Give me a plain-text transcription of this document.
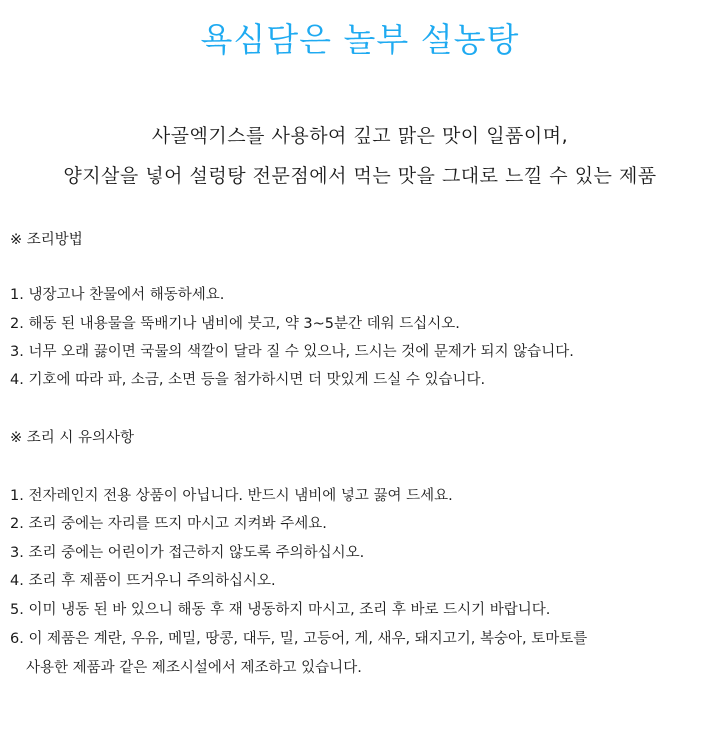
욕심담은 놀부 설농탕
사골엑기스를 사용하여 깊고 맑은 맛이 일품이며,
양지살을 넣어 설렁탕 전문점에서 먹는 맛을 그대로 느낄 수 있는 제품
※ 조리방법
1. 냉장고나 찬물에서 해동하세요.
2. 해동 된 내용물을 뚝배기나 냄비에 붓고, 약 3~5분간 데워 드십시오.
3. 너무 오래 끓이면 국물의 색깔이 달라 질 수 있으나, 드시는 것에 문제가 되지 않습니다.
4. 기호에 따라 파, 소금, 소면 등을 첨가하시면 더 맛있게 드실 수 있습니다.
※ 조리 시 유의사항
1. 전자레인지 전용 상품이 아닙니다. 반드시 냄비에 넣고 끓여 드세요.
2. 조리 중에는 자리를 뜨지 마시고 지켜봐 주세요.
3. 조리 중에는 어린이가 접근하지 않도록 주의하십시오.
4. 조리 후 제품이 뜨거우니 주의하십시오.
5. 이미 냉동 된 바 있으니 해동 후 재 냉동하지 마시고, 조리 후 바로 드시기 바랍니다.
6. 이 제품은 계란, 우유, 메밀, 땅콩, 대두, 밀, 고등어, 게, 새우, 돼지고기, 복숭아, 토마토를
사용한 제품과 같은 제조시설에서 제조하고 있습니다.
